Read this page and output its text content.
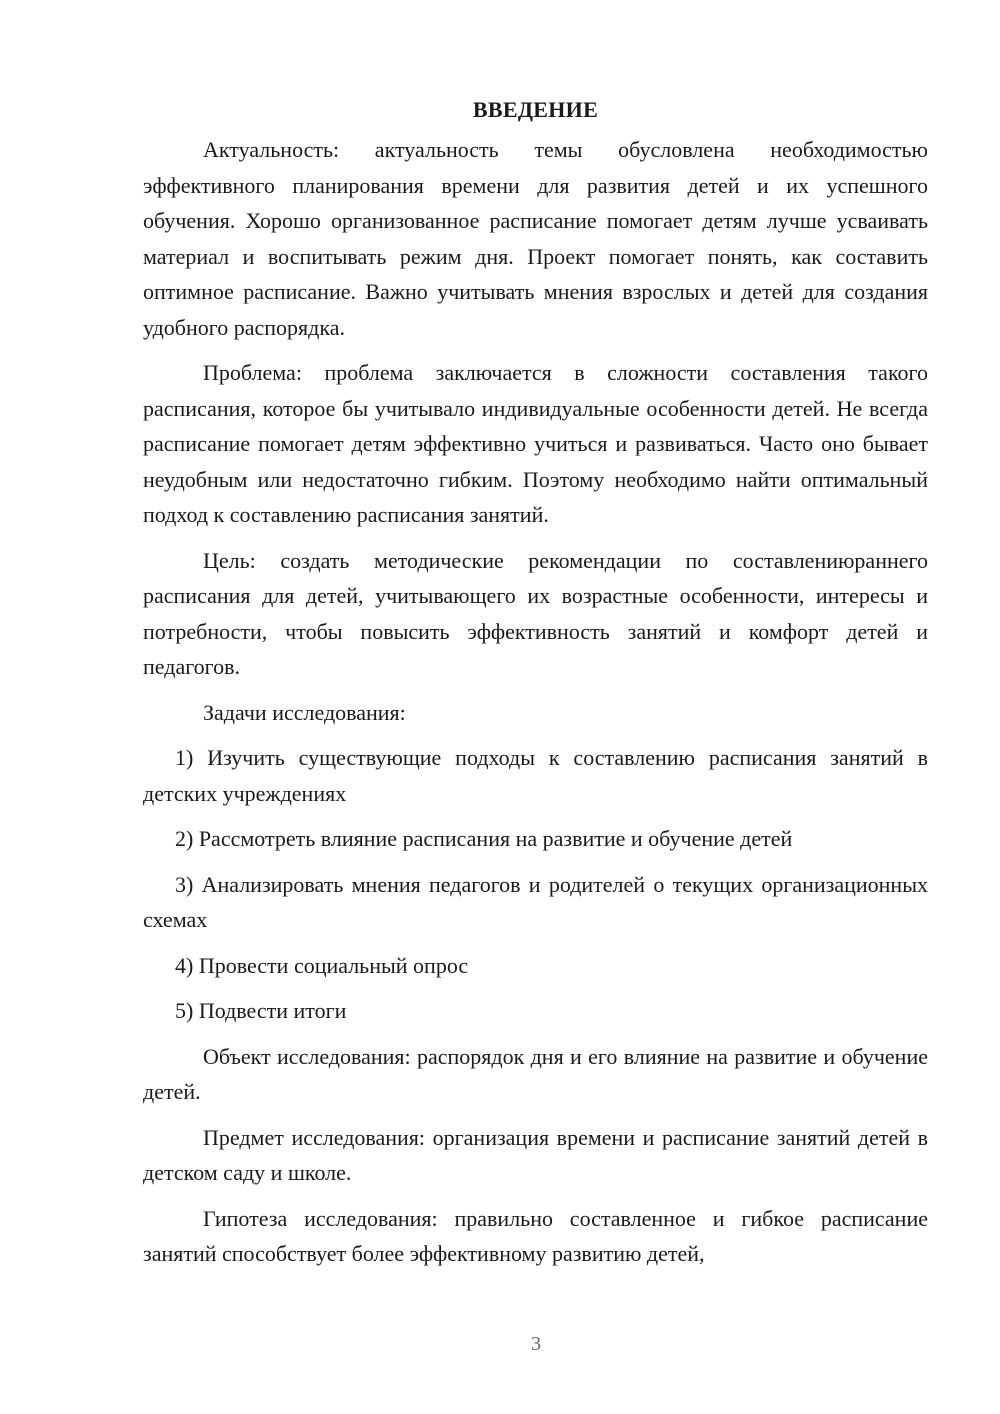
ВВЕДЕНИЕ

Актуальность: актуальность темы обусловлена необходимостью эффективного планирования времени для развития детей и их успешного обучения. Хорошо организованное расписание помогает детям лучше усваивать материал и воспитывать режим дня. Проект помогает понять, как составить оптимное расписание. Важно учитывать мнения взрослых и детей для создания удобного распорядка.

Проблема: проблема заключается в сложности составления такого расписания, которое бы учитывало индивидуальные особенности детей. Не всегда расписание помогает детям эффективно учиться и развиваться. Часто оно бывает неудобным или недостаточно гибким. Поэтому необходимо найти оптимальный подход к составлению расписания занятий.

Цель: создать методические рекомендации по составлениюраннего расписания для детей, учитывающего их возрастные особенности, интересы и потребности, чтобы повысить эффективность занятий и комфорт детей и педагогов.

Задачи исследования:

1) Изучить существующие подходы к составлению расписания занятий в детских учреждениях

2) Рассмотреть влияние расписания на развитие и обучение детей

3) Анализировать мнения педагогов и родителей о текущих организационных схемах

4) Провести социальный опрос

5) Подвести итоги

Объект исследования: распорядок дня и его влияние на развитие и обучение детей.

Предмет исследования: организация времени и расписание занятий детей в детском саду и школе.

Гипотеза исследования: правильно составленное и гибкое расписание занятий способствует более эффективному развитию детей,

3
